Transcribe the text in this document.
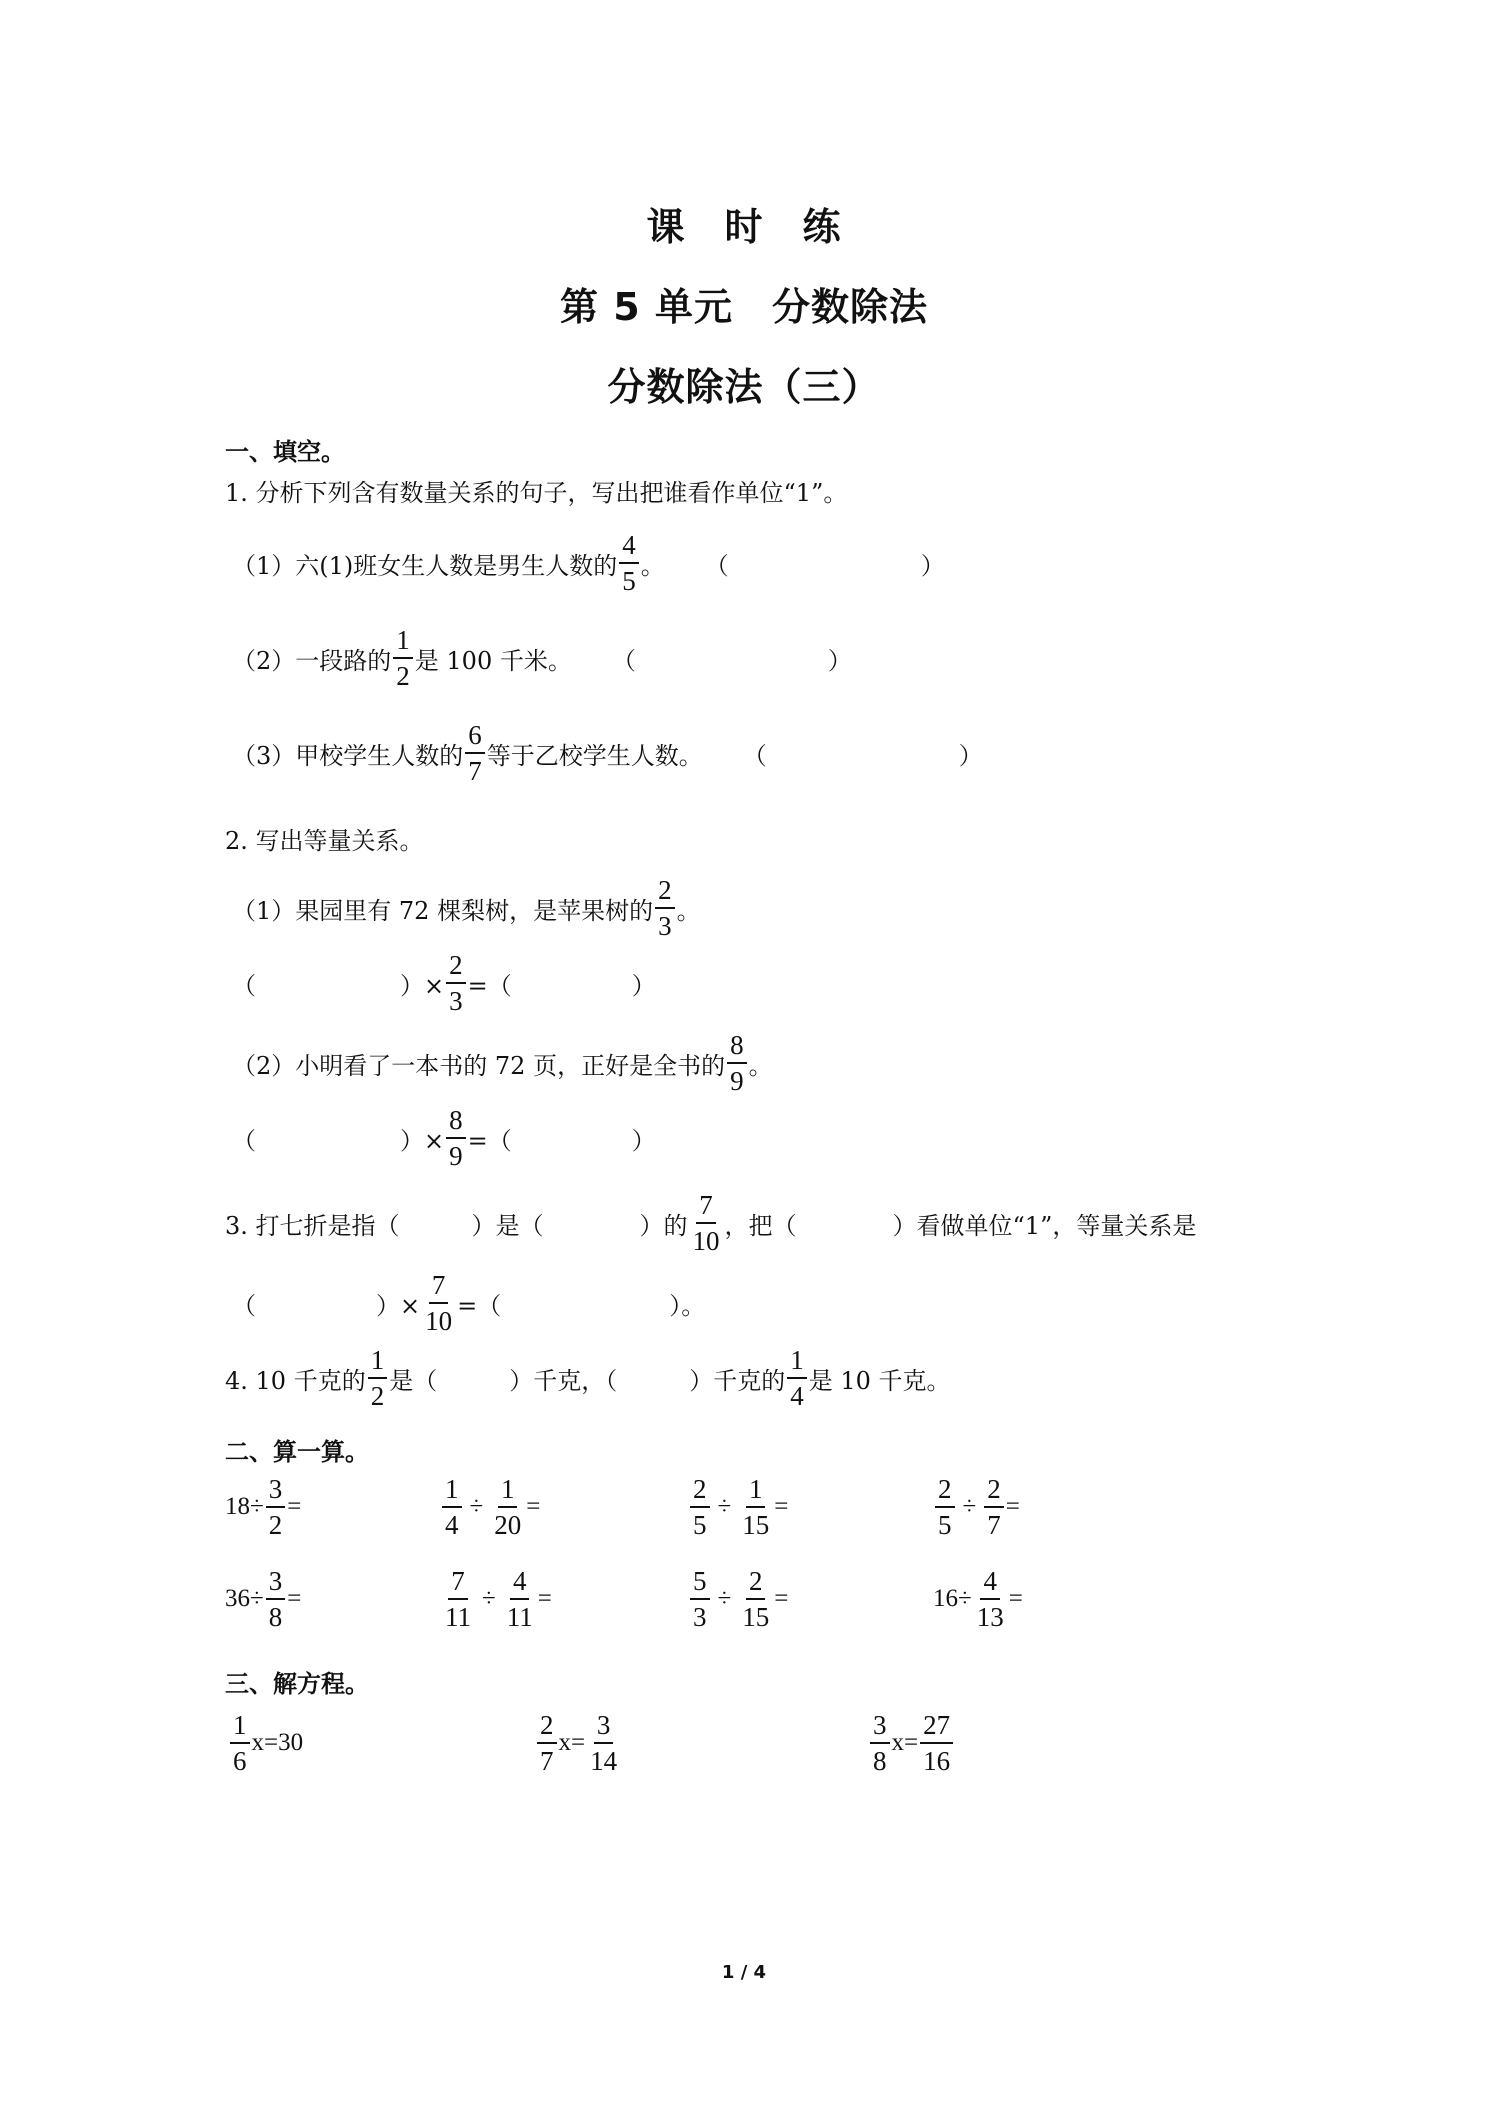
课　时　练
第 5 单元　分数除法
分数除法（三）
一、填空。
1. 分析下列含有数量关系的句子，写出把谁看作单位“1”。
（1）六(1)班女生人数是男生人数的 $\frac{4}{5}$ 。 （　　　　　　　　）
（2）一段路的 $\frac{1}{2}$ 是 100 千米。 （　　　　　　　　）
（3）甲校学生人数的 $\frac{6}{7}$ 等于乙校学生人数。 （　　　　　　　　）
2. 写出等量关系。
（1）果园里有 72 棵梨树，是苹果树的 $\frac{2}{3}$ 。
（　　　　　　）× $\frac{2}{3}$ =（　　　　　）
（2）小明看了一本书的 72 页，正好是全书的 $\frac{8}{9}$ 。
（　　　　　　）× $\frac{8}{9}$ =（　　　　　）
3. 打七折是指（　　　）是（　　　　）的 $\frac{7}{10}$ ，把（　　　　）看做单位“1”，等量关系是
（　　　　　）× $\frac{7}{10}$ =（　　　　　　　）。
4. 10 千克的 $\frac{1}{2}$ 是（　　　）千克，（　　　）千克的 $\frac{1}{4}$ 是 10 千克。
二、算一算。
$18\div \frac{3}{2}$ =	$\frac{1}{4} \div \frac{1}{20}$ =	$\frac{2}{5} \div \frac{1}{15}$ =	$\frac{2}{5} \div \frac{2}{7}$ =
$36\div \frac{3}{8}$ =	$\frac{7}{11} \div \frac{4}{11}$ =	$\frac{5}{3} \div \frac{2}{15}$ =	$16\div \frac{4}{13}$ =
三、解方程。
$\frac{1}{6} x=30$	$\frac{2}{7} x= \frac{3}{14}$	$\frac{3}{8} x= \frac{27}{16}$
1 / 4
